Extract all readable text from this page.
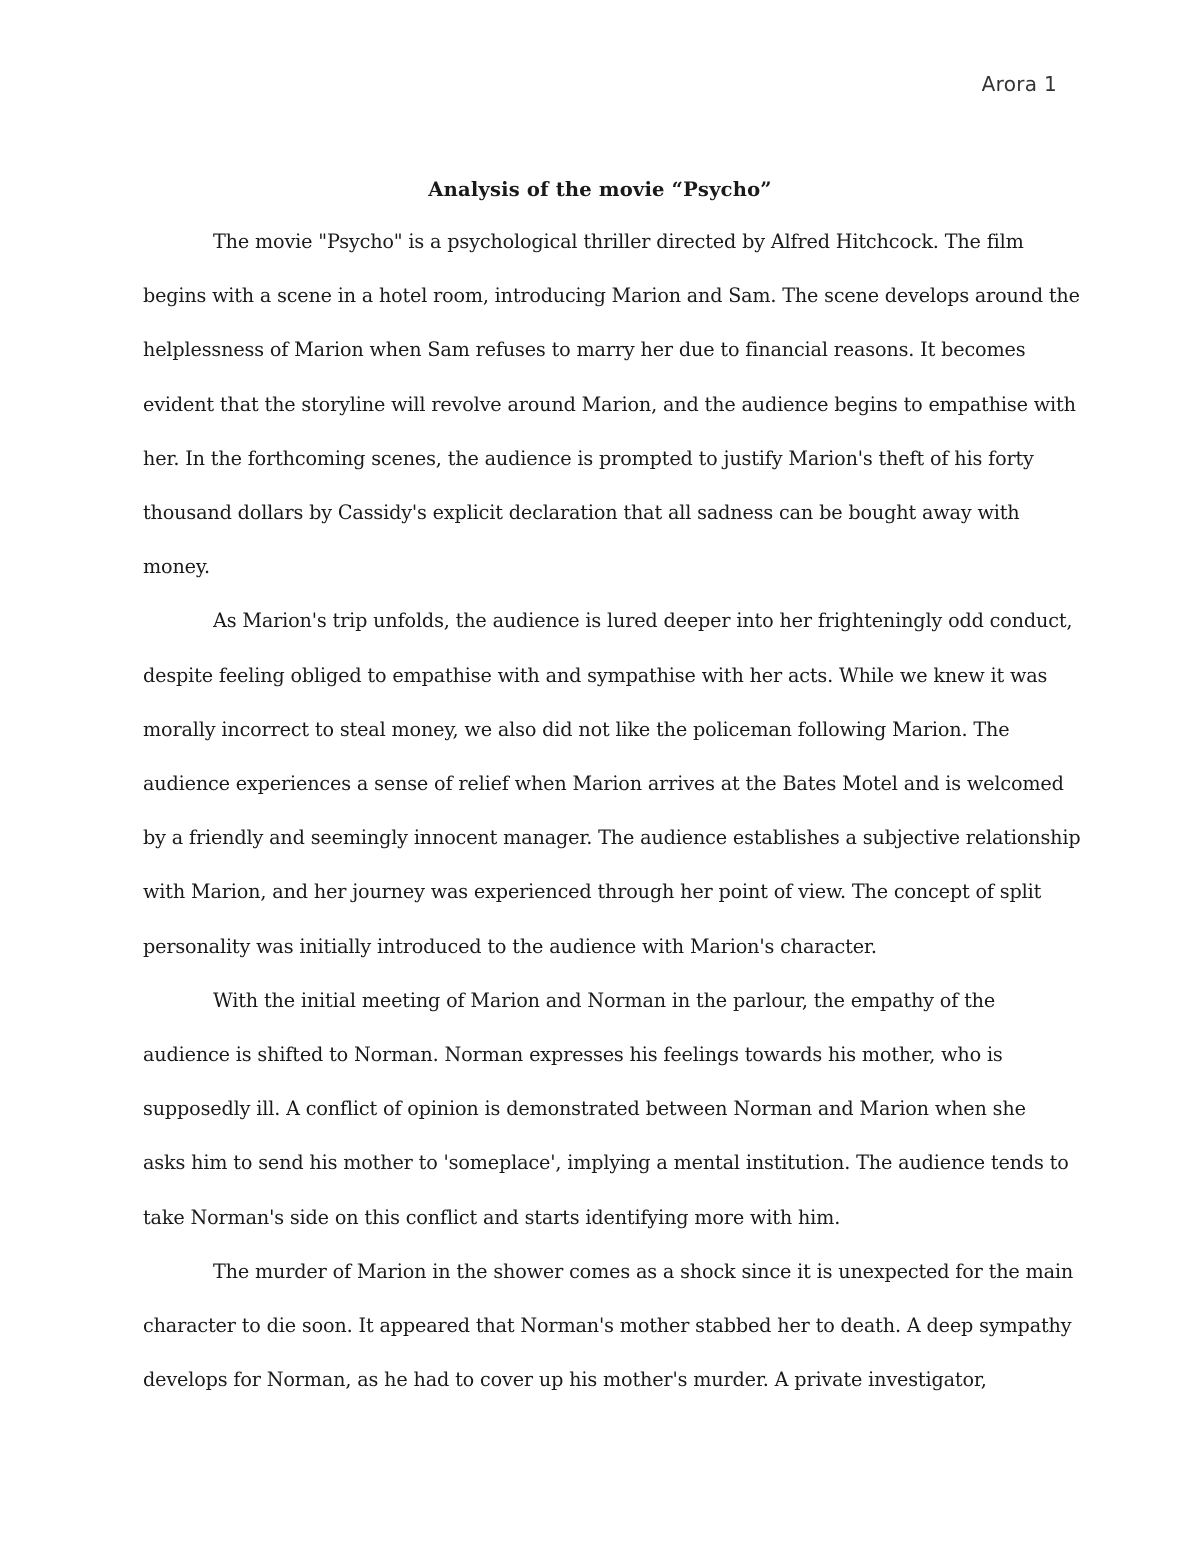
Arora 1
Analysis of the movie “Psycho”

The movie "Psycho" is a psychological thriller directed by Alfred Hitchcock. The film
begins with a scene in a hotel room, introducing Marion and Sam. The scene develops around the
helplessness of Marion when Sam refuses to marry her due to financial reasons. It becomes
evident that the storyline will revolve around Marion, and the audience begins to empathise with
her. In the forthcoming scenes, the audience is prompted to justify Marion's theft of his forty
thousand dollars by Cassidy's explicit declaration that all sadness can be bought away with
money.

As Marion's trip unfolds, the audience is lured deeper into her frighteningly odd conduct,
despite feeling obliged to empathise with and sympathise with her acts. While we knew it was
morally incorrect to steal money, we also did not like the policeman following Marion. The
audience experiences a sense of relief when Marion arrives at the Bates Motel and is welcomed
by a friendly and seemingly innocent manager. The audience establishes a subjective relationship
with Marion, and her journey was experienced through her point of view. The concept of split
personality was initially introduced to the audience with Marion's character.

With the initial meeting of Marion and Norman in the parlour, the empathy of the
audience is shifted to Norman. Norman expresses his feelings towards his mother, who is
supposedly ill. A conflict of opinion is demonstrated between Norman and Marion when she
asks him to send his mother to 'someplace', implying a mental institution. The audience tends to
take Norman's side on this conflict and starts identifying more with him.

The murder of Marion in the shower comes as a shock since it is unexpected for the main
character to die soon. It appeared that Norman's mother stabbed her to death. A deep sympathy
develops for Norman, as he had to cover up his mother's murder. A private investigator,
